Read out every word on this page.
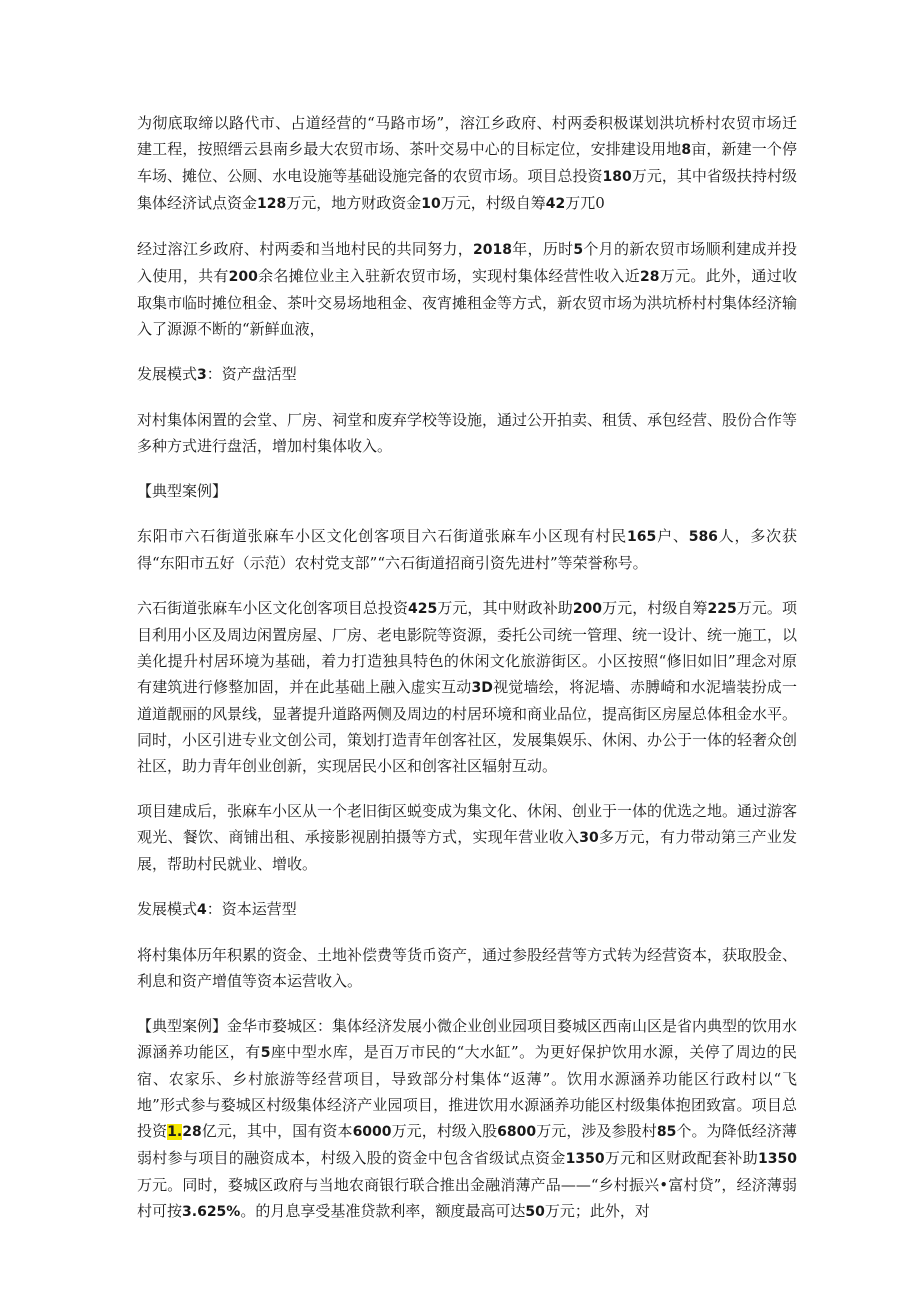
为彻底取缔以路代市、占道经营的“马路市场”，溶江乡政府、村两委积极谋划洪坑桥村农贸市场迁建工程，按照缙云县南乡最大农贸市场、茶叶交易中心的目标定位，安排建设用地8亩，新建一个停车场、摊位、公厕、水电设施等基础设施完备的农贸市场。项目总投资180万元，其中省级扶持村级集体经济试点资金128万元，地方财政资金10万元，村级自筹42万兀0

经过溶江乡政府、村两委和当地村民的共同努力，2018年，历时5个月的新农贸市场顺利建成并投入使用，共有200余名摊位业主入驻新农贸市场，实现村集体经营性收入近28万元。此外，通过收取集市临时摊位租金、茶叶交易场地租金、夜宵摊租金等方式，新农贸市场为洪坑桥村村集体经济输入了源源不断的“新鲜血液，

发展模式3：资产盘活型

对村集体闲置的会堂、厂房、祠堂和废弃学校等设施，通过公开拍卖、租赁、承包经营、股份合作等多种方式进行盘活，增加村集体收入。

【典型案例】

东阳市六石街道张麻车小区文化创客项目六石街道张麻车小区现有村民165户、586人，多次获得“东阳市五好（示范）农村党支部”“六石街道招商引资先进村”等荣誉称号。

六石街道张麻车小区文化创客项目总投资425万元，其中财政补助200万元，村级自筹225万元。项目利用小区及周边闲置房屋、厂房、老电影院等资源，委托公司统一管理、统一设计、统一施工，以美化提升村居环境为基础，着力打造独具特色的休闲文化旅游街区。小区按照“修旧如旧”理念对原有建筑进行修整加固，并在此基础上融入虚实互动3D视觉墙绘，将泥墙、赤膊崎和水泥墙装扮成一道道靓丽的风景线，显著提升道路两侧及周边的村居环境和商业品位，提高街区房屋总体租金水平。同时，小区引进专业文创公司，策划打造青年创客社区，发展集娱乐、休闲、办公于一体的轻奢众创社区，助力青年创业创新，实现居民小区和创客社区辐射互动。

项目建成后，张麻车小区从一个老旧街区蜕变成为集文化、休闲、创业于一体的优选之地。通过游客观光、餐饮、商铺出租、承接影视剧拍摄等方式，实现年营业收入30多万元，有力带动第三产业发展，帮助村民就业、增收。

发展模式4：资本运营型

将村集体历年积累的资金、土地补偿费等货币资产，通过参股经营等方式转为经营资本，获取股金、利息和资产增值等资本运营收入。

【典型案例】金华市婺城区：集体经济发展小微企业创业园项目婺城区西南山区是省内典型的饮用水源涵养功能区，有5座中型水库，是百万市民的“大水缸”。为更好保护饮用水源，关停了周边的民宿、农家乐、乡村旅游等经营项目，导致部分村集体“返薄”。饮用水源涵养功能区行政村以“飞地”形式参与婺城区村级集体经济产业园项目，推进饮用水源涵养功能区村级集体抱团致富。项目总投资1.28亿元，其中，国有资本6000万元，村级入股6800万元，涉及参股村85个。为降低经济薄弱村参与项目的融资成本，村级入股的资金中包含省级试点资金1350万元和区财政配套补助1350万元。同时，婺城区政府与当地农商银行联合推出金融消薄产品——“乡村振兴•富村贷”，经济薄弱村可按3.625%。的月息享受基准贷款利率，额度最高可达50万元；此外，对
